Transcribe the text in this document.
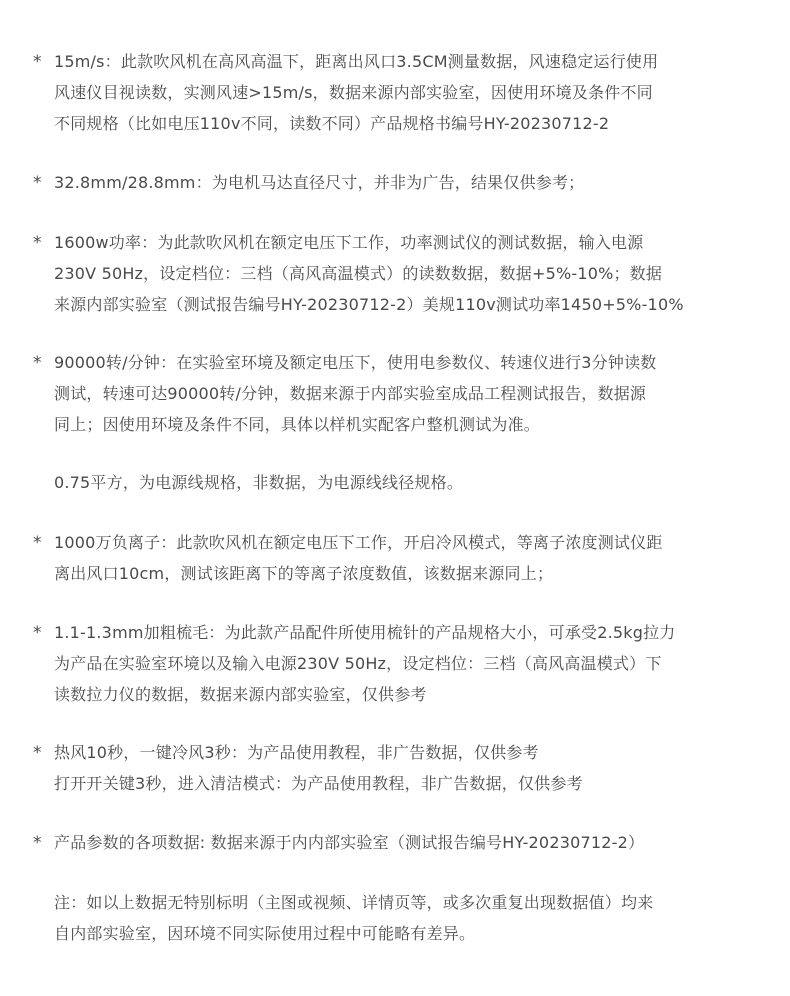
* 15m/s：此款吹风机在高风高温下，距离出风口3.5CM测量数据，风速稳定运行使用
风速仪目视读数，实测风速>15m/s，数据来源内部实验室，因使用环境及条件不同
不同规格（比如电压110v不同，读数不同）产品规格书编号HY-20230712-2
* 32.8mm/28.8mm：为电机马达直径尺寸，并非为广告，结果仅供参考；
* 1600w功率：为此款吹风机在额定电压下工作，功率测试仪的测试数据，输入电源
230V 50Hz，设定档位：三档（高风高温模式）的读数数据，数据+5%-10%；数据
来源内部实验室（测试报告编号HY-20230712-2）美规110v测试功率1450+5%-10%
* 90000转/分钟：在实验室环境及额定电压下，使用电参数仪、转速仪进行3分钟读数
测试，转速可达90000转/分钟，数据来源于内部实验室成品工程测试报告，数据源
同上；因使用环境及条件不同，具体以样机实配客户整机测试为准。
0.75平方，为电源线规格，非数据，为电源线线径规格。
* 1000万负离子：此款吹风机在额定电压下工作，开启冷风模式，等离子浓度测试仪距
离出风口10cm，测试该距离下的等离子浓度数值，该数据来源同上；
* 1.1-1.3mm加粗梳毛：为此款产品配件所使用梳针的产品规格大小，可承受2.5kg拉力
为产品在实验室环境以及输入电源230V 50Hz，设定档位：三档（高风高温模式）下
读数拉力仪的数据，数据来源内部实验室，仅供参考
* 热风10秒，一键冷风3秒：为产品使用教程，非广告数据，仅供参考
打开开关键3秒，进入清洁模式：为产品使用教程，非广告数据，仅供参考
* 产品参数的各项数据: 数据来源于内内部实验室（测试报告编号HY-20230712-2）
注：如以上数据无特别标明（主图或视频、详情页等，或多次重复出现数据值）均来
自内部实验室，因环境不同实际使用过程中可能略有差异。
